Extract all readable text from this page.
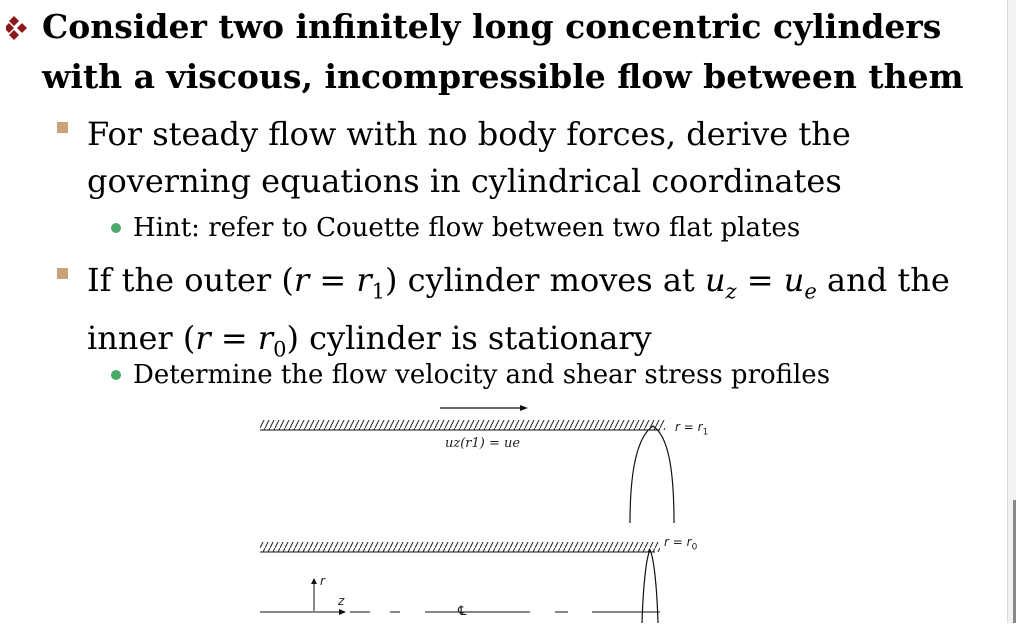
Consider two infinitely long concentric cylinders
with a viscous, incompressible flow between them
For steady flow with no body forces, derive the
governing equations in cylindrical coordinates
Hint: refer to Couette flow between two flat plates
If the outer $(r = r_1)$ cylinder moves at $u_z = u_e$ and the
inner $(r = r_0)$ cylinder is stationary
Determine the flow velocity and shear stress profiles
$r = r_1$
uz(r1) = ue
$r = r_0$
r
z
℄
